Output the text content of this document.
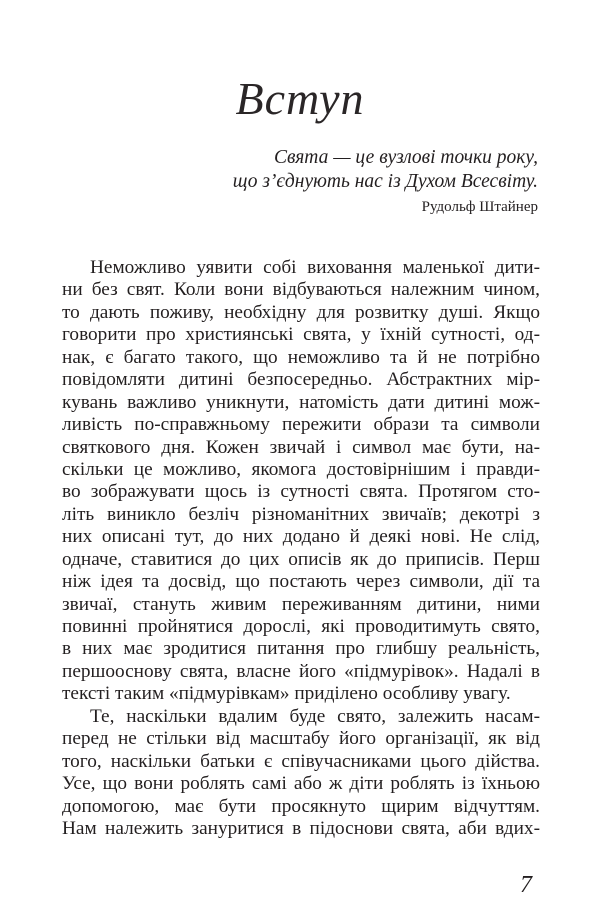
Вступ
Свята — це вузлові точки року,
що з’єднують нас із Духом Всесвіту.
Рудольф Штайнер
Неможливо уявити собі виховання маленької дити-
ни без свят. Коли вони відбуваються належним чином,
то дають поживу, необхідну для розвитку душі. Якщо
говорити про християнські свята, у їхній сутності, од-
нак, є багато такого, що неможливо та й не потрібно
повідомляти дитині безпосередньо. Абстрактних мір-
кувань важливо уникнути, натомість дати дитині мож-
ливість по-справжньому пережити образи та символи
святкового дня. Кожен звичай і символ має бути, на-
скільки це можливо, якомога достовірнішим і правди-
во зображувати щось із сутності свята. Протягом сто-
літь виникло безліч різноманітних звичаїв; декотрі з
них описані тут, до них додано й деякі нові. Не слід,
одначе, ставитися до цих описів як до приписів. Перш
ніж ідея та досвід, що постають через символи, дії та
звичаї, стануть живим переживанням дитини, ними
повинні пройнятися дорослі, які проводитимуть свято,
в них має зродитися питання про глибшу реальність,
першооснову свята, власне його «підмурівок». Надалі в
тексті таким «підмурівкам» приділено особливу увагу.
Те, наскільки вдалим буде свято, залежить насам-
перед не стільки від масштабу його організації, як від
того, наскільки батьки є співучасниками цього дійства.
Усе, що вони роблять самі або ж діти роблять із їхньою
допомогою, має бути просякнуто щирим відчуттям.
Нам належить зануритися в підоснови свята, аби вдих-
7
